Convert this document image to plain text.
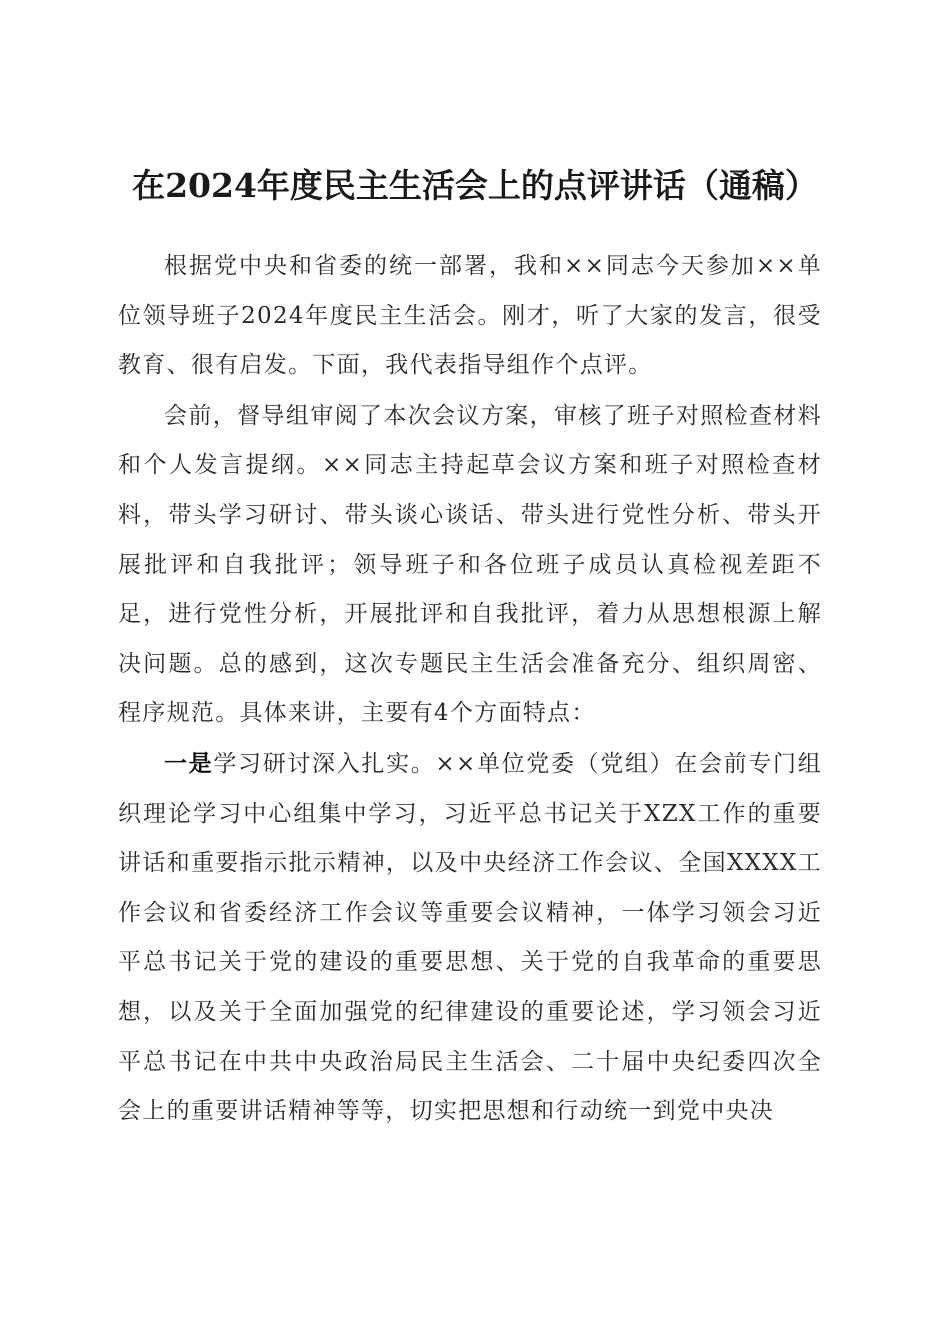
在2024年度民主生活会上的点评讲话（通稿）

根据党中央和省委的统一部署，我和××同志今天参加××单位领导班子2024年度民主生活会。刚才，听了大家的发言，很受教育、很有启发。下面，我代表指导组作个点评。

会前，督导组审阅了本次会议方案，审核了班子对照检查材料和个人发言提纲。××同志主持起草会议方案和班子对照检查材料，带头学习研讨、带头谈心谈话、带头进行党性分析、带头开展批评和自我批评；领导班子和各位班子成员认真检视差距不足，进行党性分析，开展批评和自我批评，着力从思想根源上解决问题。总的感到，这次专题民主生活会准备充分、组织周密、程序规范。具体来讲，主要有4个方面特点：

一是学习研讨深入扎实。××单位党委（党组）在会前专门组织理论学习中心组集中学习，习近平总书记关于XZX工作的重要讲话和重要指示批示精神，以及中央经济工作会议、全国XXXX工作会议和省委经济工作会议等重要会议精神，一体学习领会习近平总书记关于党的建设的重要思想、关于党的自我革命的重要思想，以及关于全面加强党的纪律建设的重要论述，学习领会习近平总书记在中共中央政治局民主生活会、二十届中央纪委四次全会上的重要讲话精神等等，切实把思想和行动统一到党中央决
